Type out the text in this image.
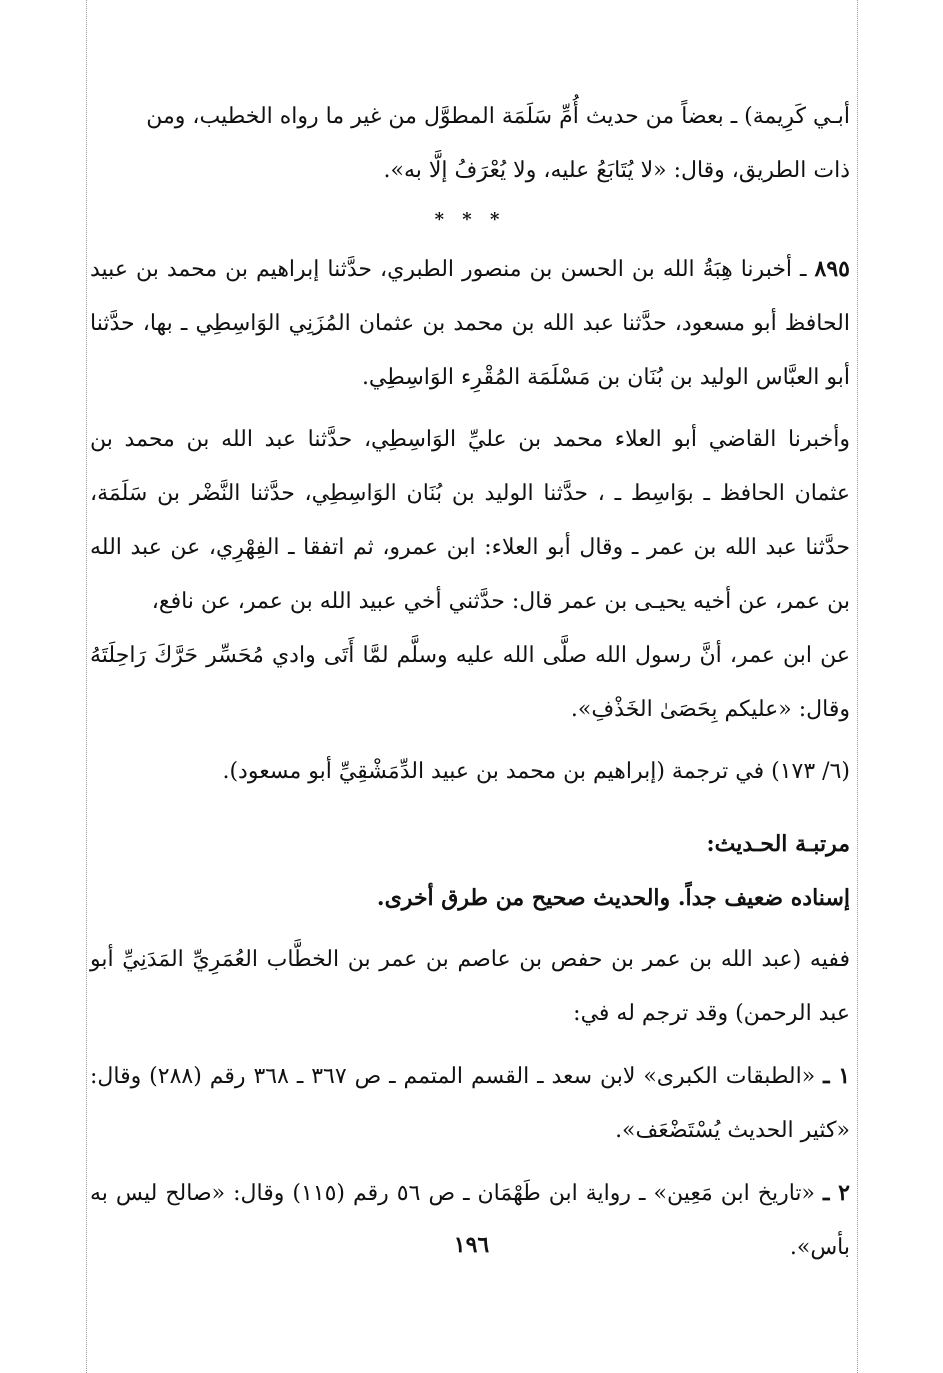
أبـي كَرِيمة) ـ بعضاً من حديث أُمِّ سَلَمَة المطوَّل من غير ما رواه الخطيب، ومن

ذات الطريق، وقال: «لا يُتَابَعُ عليه، ولا يُعْرَفُ إلَّا به».

* * *

٨٩٥ ـ أخبرنا هِبَةُ الله بن الحسن بن منصور الطبري، حدَّثنا إبراهيم بن محمد بن عبيد الحافظ أبو مسعود، حدَّثنا عبد الله بن محمد بن عثمان المُزَنِي الوَاسِطِي ـ بها، حدَّثنا أبو العبَّاس الوليد بن بُنَان بن مَسْلَمَة المُقْرِء الوَاسِطِي.

وأخبرنا القاضي أبو العلاء محمد بن عليِّ الوَاسِطِي، حدَّثنا عبد الله بن محمد بن عثمان الحافظ ـ بوَاسِط ـ ، حدَّثنا الوليد بن بُنَان الوَاسِطِي، حدَّثنا النَّضْر بن سَلَمَة، حدَّثنا عبد الله بن عمر ـ وقال أبو العلاء: ابن عمرو، ثم اتفقا ـ الفِهْرِي، عن عبد الله بن عمر، عن أخيه يحيـى بن عمر قال: حدَّثني أخي عبيد الله بن عمر، عن نافع،

عن ابن عمر، أنَّ رسول الله صلَّى الله عليه وسلَّم لمَّا أَتَى وادي مُحَسِّر حَرَّكَ رَاحِلَتَهُ وقال: «عليكم بِحَصَىٰ الخَذْفِ».

(٦/ ١٧٣) في ترجمة (إبراهيم بن محمد بن عبيد الدِّمَشْقِيِّ أبو مسعود).

مرتبـة الحـديث:

إسناده ضعيف جداً. والحديث صحيح من طرق أخرى.

ففيه (عبد الله بن عمر بن حفص بن عاصم بن عمر بن الخطَّاب العُمَرِيِّ المَدَنِيِّ أبو عبد الرحمن) وقد ترجم له في:

١ ـ «الطبقات الكبرى» لابن سعد ـ القسم المتمم ـ ص ٣٦٧ ـ ٣٦٨ رقم (٢٨٨) وقال: «كثير الحديث يُسْتَضْعَف».

٢ ـ «تاريخ ابن مَعِين» ـ رواية ابن طَهْمَان ـ ص ٥٦ رقم (١١٥) وقال: «صالح ليس به بأس».

١٩٦
